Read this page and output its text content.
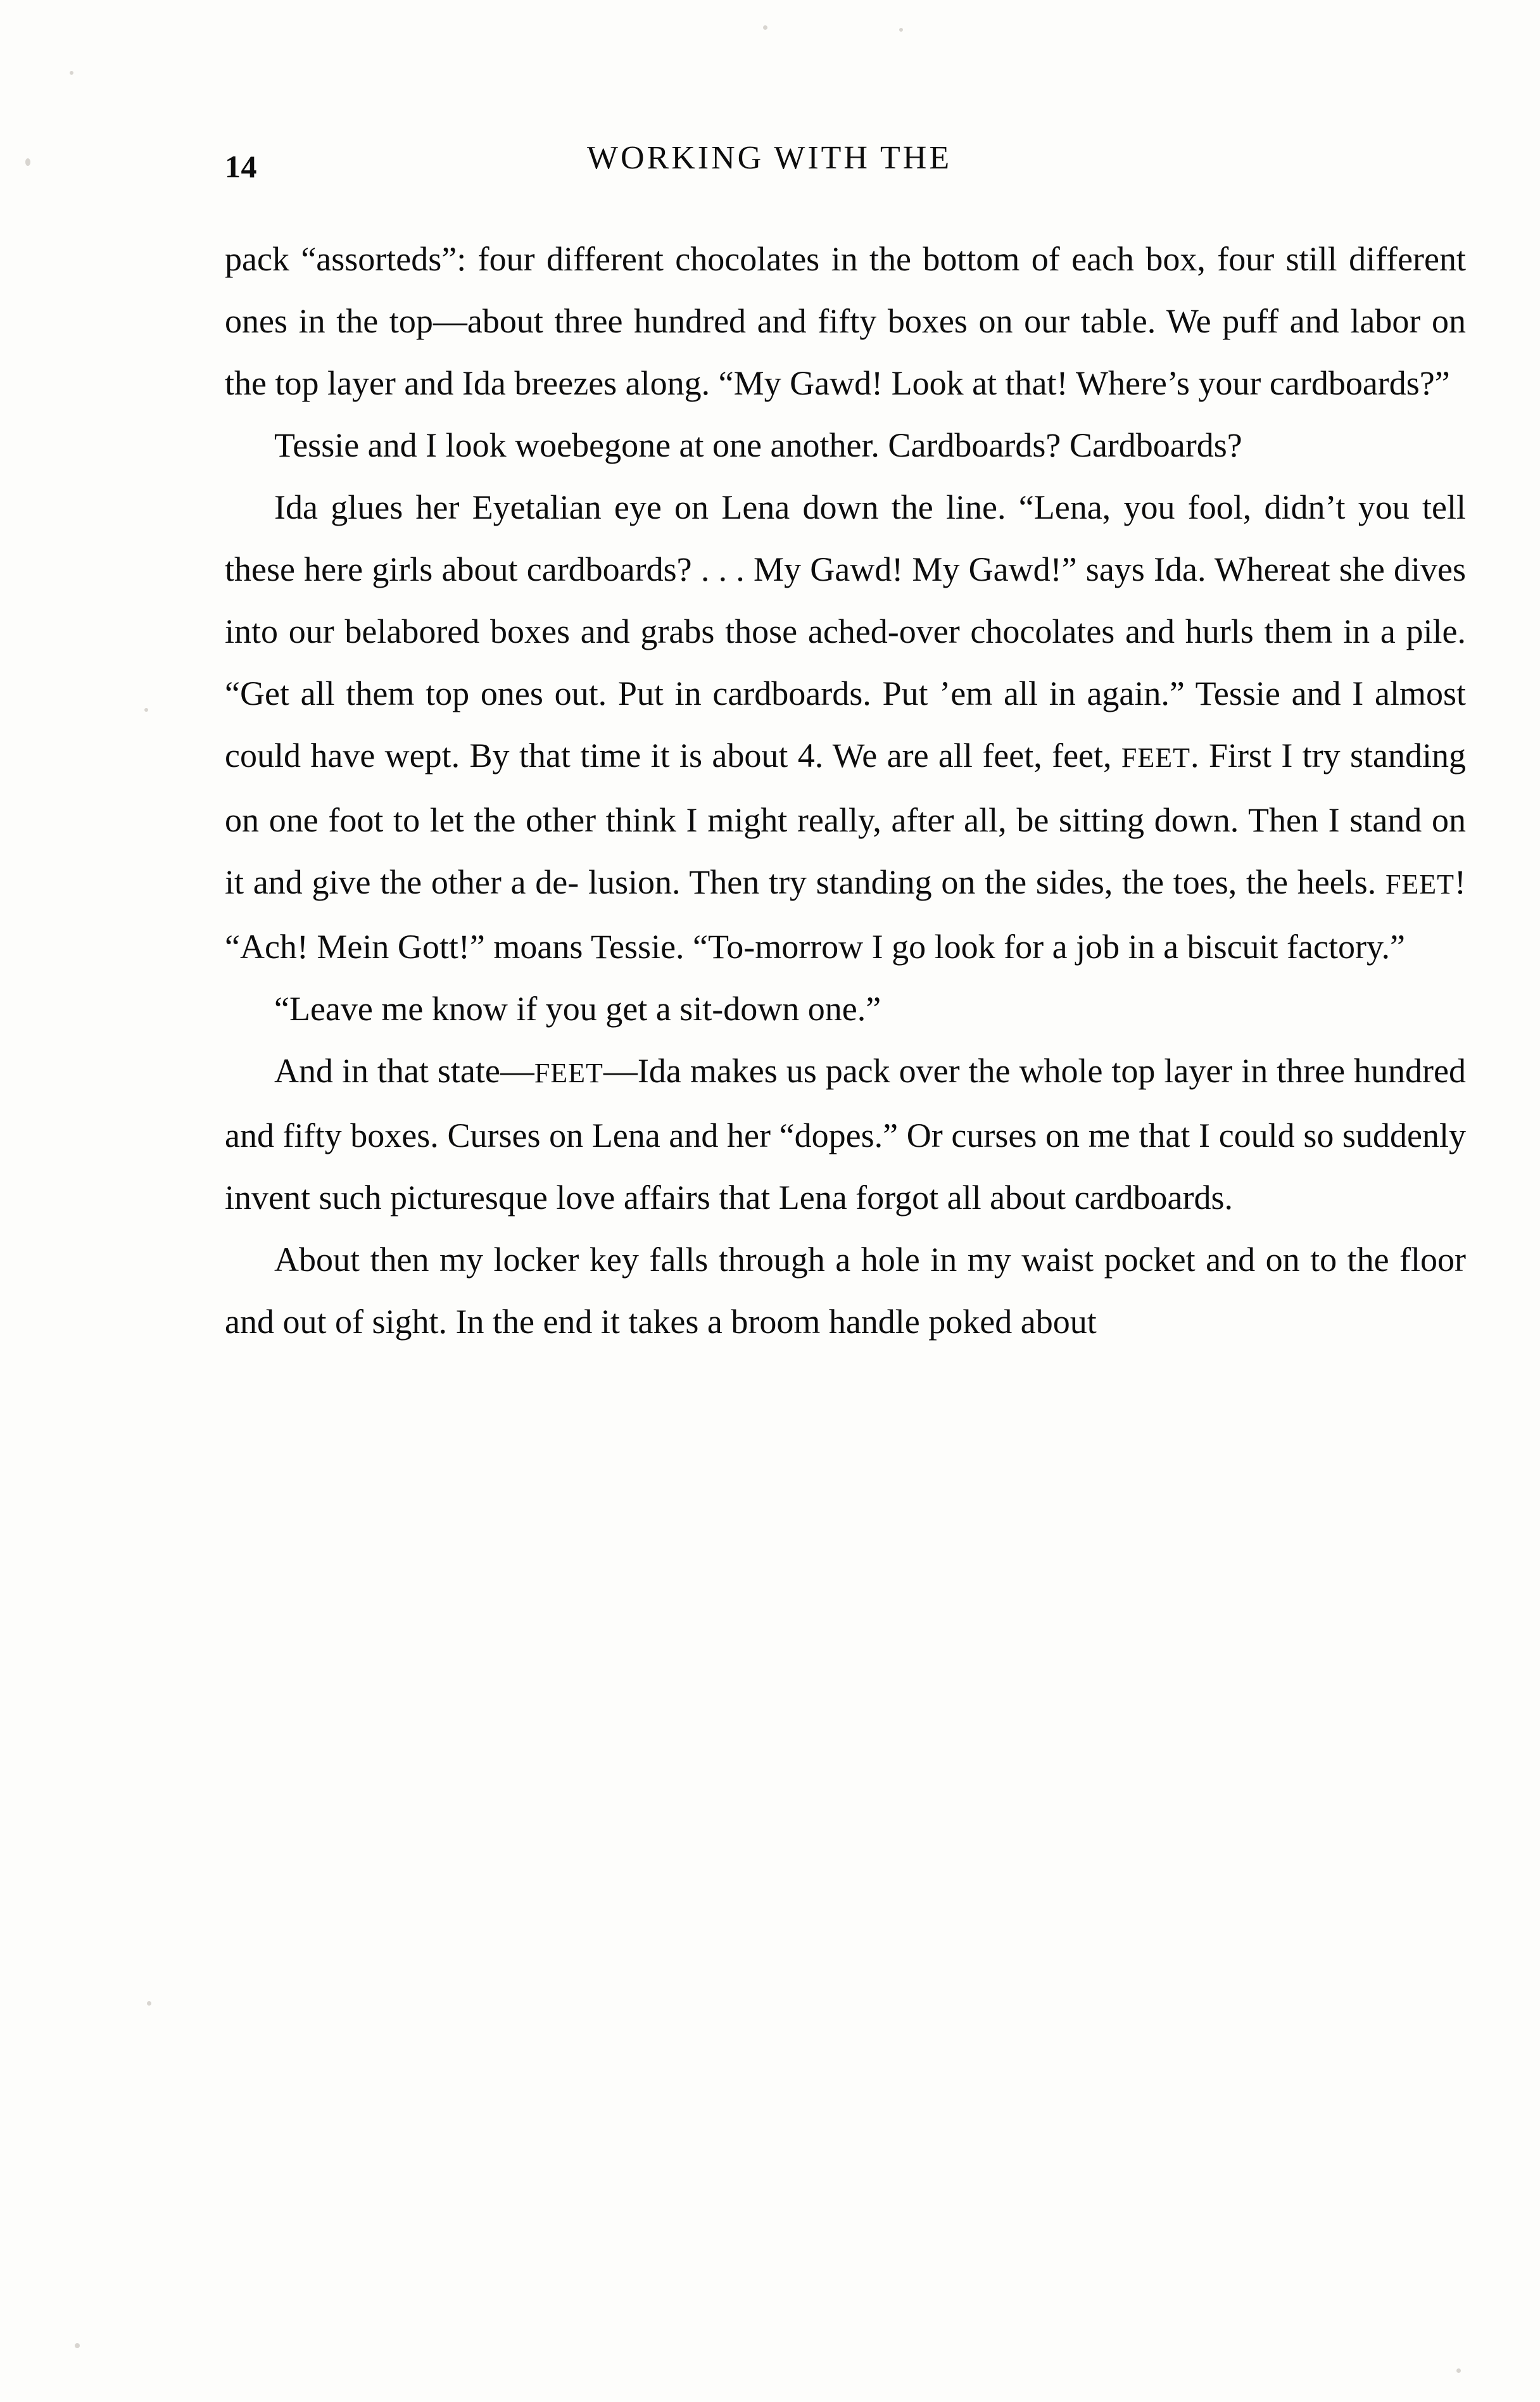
14	WORKING WITH THE

pack “assorteds”: four different chocolates in the bottom of each box, four still different ones in the top—about three hundred and fifty boxes on our table. We puff and labor on the top layer and Ida breezes along. “My Gawd! Look at that! Where’s your cardboards?”

Tessie and I look woebegone at one another. Cardboards? Cardboards?

Ida glues her Eyetalian eye on Lena down the line. “Lena, you fool, didn’t you tell these here girls about cardboards? . . . My Gawd! My Gawd!” says Ida. Whereat she dives into our belabored boxes and grabs those ached-over chocolates and hurls them in a pile. “Get all them top ones out. Put in cardboards. Put ’em all in again.” Tessie and I almost could have wept. By that time it is about 4. We are all feet, feet, FEET. First I try standing on one foot to let the other think I might really, after all, be sitting down. Then I stand on it and give the other a de- lusion. Then try standing on the sides, the toes, the heels. FEET! “Ach! Mein Gott!” moans Tessie. “To-morrow I go look for a job in a biscuit factory.”

“Leave me know if you get a sit-down one.”

And in that state—FEET—Ida makes us pack over the whole top layer in three hundred and fifty boxes. Curses on Lena and her “dopes.” Or curses on me that I could so suddenly invent such picturesque love affairs that Lena forgot all about cardboards.

About then my locker key falls through a hole in my waist pocket and on to the floor and out of sight. In the end it takes a broom handle poked about
